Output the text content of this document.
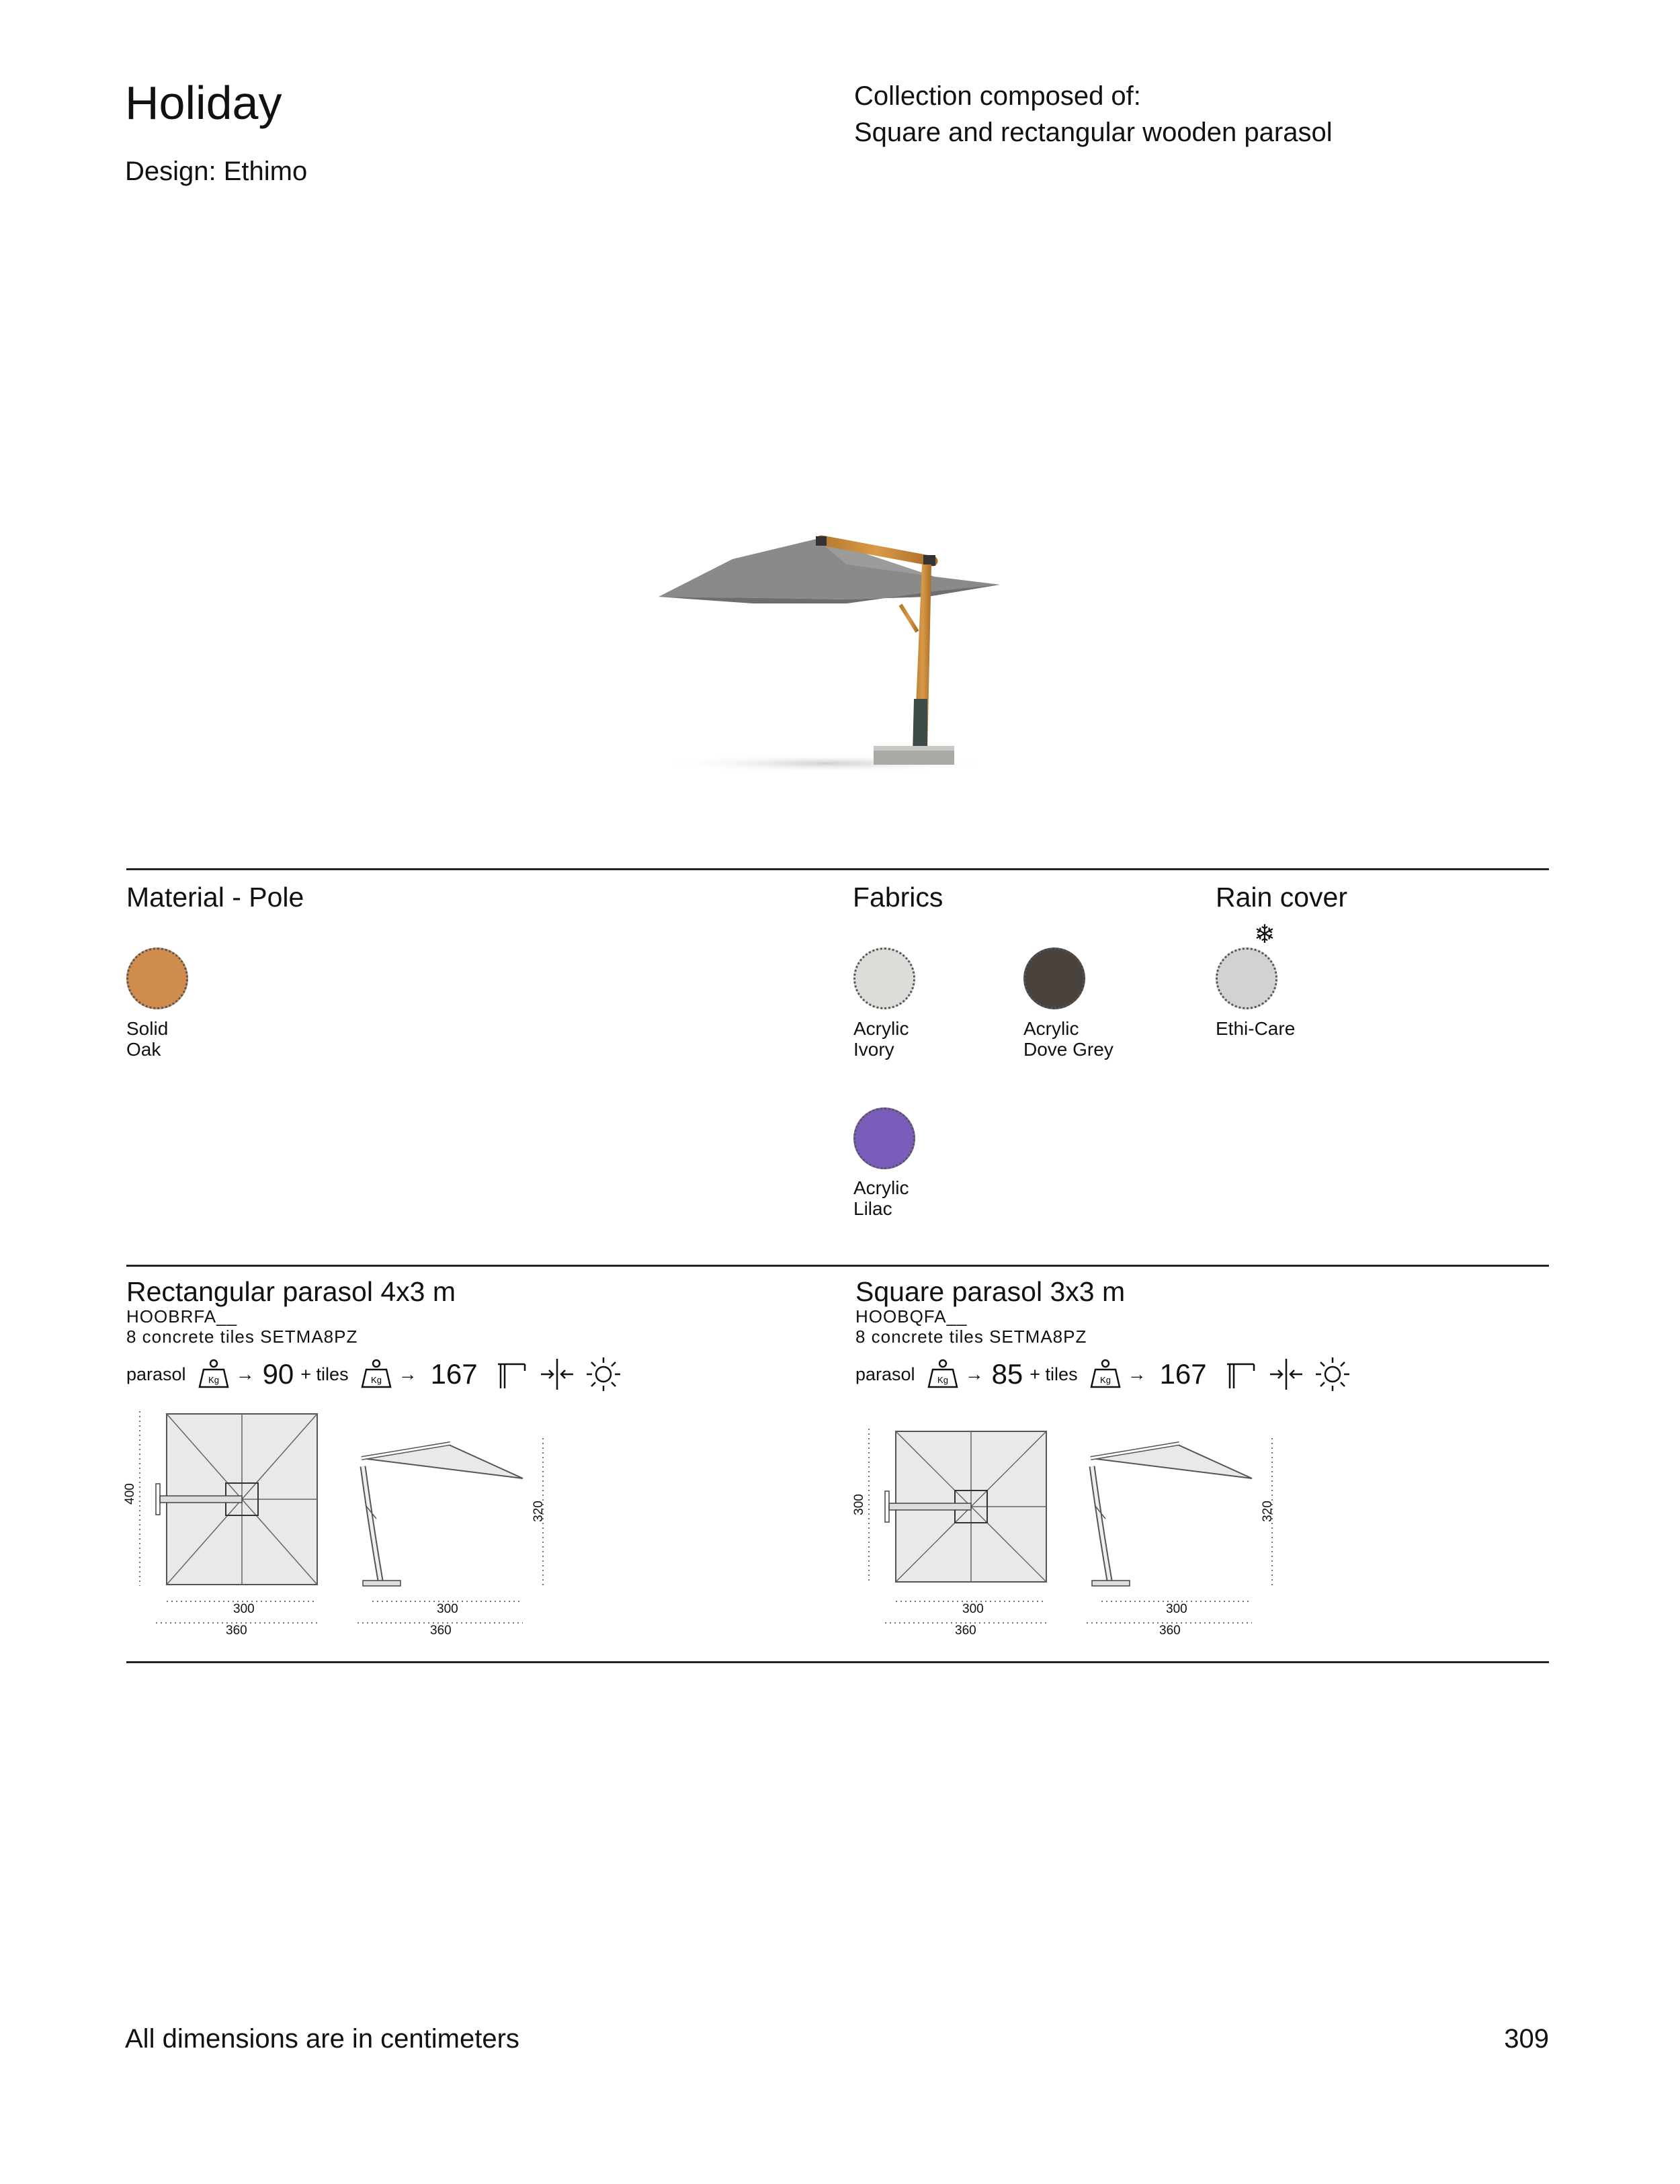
Holiday
Design: Ethimo
Collection composed of:
Square and rectangular wooden parasol
Material - Pole	Fabrics	Rain cover
Solid
Oak
Acrylic
Ivory
Acrylic
Dove Grey
Acrylic
Lilac
❄
Ethi-Care
Rectangular parasol 4x3 m
HOOBRFA__
8 concrete tiles SETMA8PZ
parasol	Kg → 90 + tiles	Kg → 167
400
320
300
360
300
360
Square parasol 3x3 m
HOOBQFA__
8 concrete tiles SETMA8PZ
parasol	Kg → 85 + tiles	Kg → 167
300	320
300
360
300
360
All dimensions are in centimeters	309
